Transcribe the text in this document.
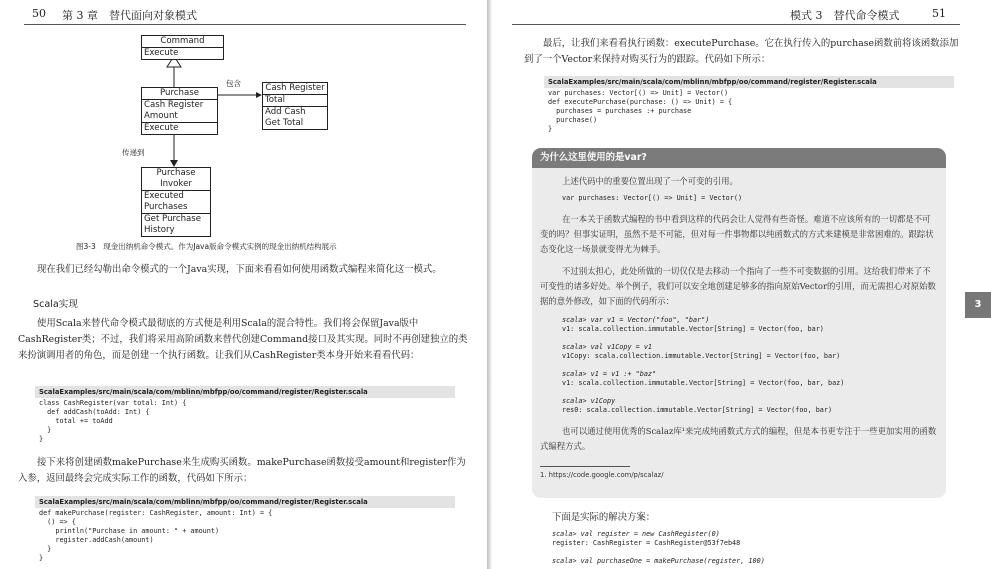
50 第 3 章　替代面向对象模式
Command
Execute
Purchase
Cash Register
Amount
Execute
包含	Cash Register
Total
Add Cash
Get Total
传递到
Purchase Invoker
Executed Purchases
Get Purchase History
图3-3　现金出纳机命令模式。作为Java版命令模式实例的现金出纳机结构展示
现在我们已经勾勒出命令模式的一个Java实现，下面来看看如何使用函数式编程来简化这一模式。
Scala实现
使用Scala来替代命令模式最彻底的方式便是利用Scala的混合特性。我们将会保留Java版中CashRegister类；不过，我们将采用高阶函数来替代创建Command接口及其实现。同时不再创建独立的类来扮演调用者的角色，而是创建一个执行函数。让我们从CashRegister类本身开始来看看代码：
ScalaExamples/src/main/scala/com/mblinn/mbfpp/oo/command/register/Register.scala
class CashRegister(var total: Int) {
def addCash(toAdd: Int) {
total += toAdd
}
}
接下来将创建函数makePurchase来生成购买函数。makePurchase函数接受amount和register作为入参，返回最终会完成实际工作的函数，代码如下所示：
ScalaExamples/src/main/scala/com/mblinn/mbfpp/oo/command/register/Register.scala
def makePurchase(register: CashRegister, amount: Int) = {
() => {
println("Purchase in amount: " + amount)
register.addCash(amount)
}
}
模式 3　替代命令模式	51
最后，让我们来看看执行函数：executePurchase。它在执行传入的purchase函数前将该函数添加到了一个Vector来保持对购买行为的跟踪。代码如下所示：
ScalaExamples/src/main/scala/com/mblinn/mbfpp/oo/command/register/Register.scala
var purchases: Vector[() => Unit] = Vector()
def executePurchase(purchase: () => Unit) = {
purchases = purchases :+ purchase
purchase()
}
下面是实际的解决方案：
scala> val register = new CashRegister(0)
register: CashRegister = CashRegister@53f7eb48
scala> val purchaseOne = makePurchase(register, 100)
为什么这里使用的是var?
上述代码中的重要位置出现了一个可变的引用。
var purchases: Vector[() => Unit] = Vector()
在一本关于函数式编程的书中看到这样的代码会让人觉得有些奇怪。难道不应该所有的一切都是不可变的吗？但事实证明，虽然不是不可能，但对每一件事物都以纯函数式的方式来建模是非常困难的。跟踪状态变化这一场景就变得尤为棘手。
不过别太担心，此处所做的一切仅仅是去移动一个指向了一些不可变数据的引用。这给我们带来了不可变性的诸多好处。举个例子，我们可以安全地创建足够多的指向原始Vector的引用，而无需担心对原始数据的意外修改，如下面的代码所示：
scala> var v1 = Vector("foo", "bar")
v1: scala.collection.immutable.Vector[String] = Vector(foo, bar)
scala> val v1Copy = v1
v1Copy: scala.collection.immutable.Vector[String] = Vector(foo, bar)
scala> v1 = v1 :+ "baz"
v1: scala.collection.immutable.Vector[String] = Vector(foo, bar, baz)
scala> v1Copy
res0: scala.collection.immutable.Vector[String] = Vector(foo, bar)
也可以通过使用优秀的Scalaz库¹来完成纯函数式方式的编程，但是本书更专注于一些更加实用的函数式编程方式。
1. https://code.google.com/p/scalaz/
3
